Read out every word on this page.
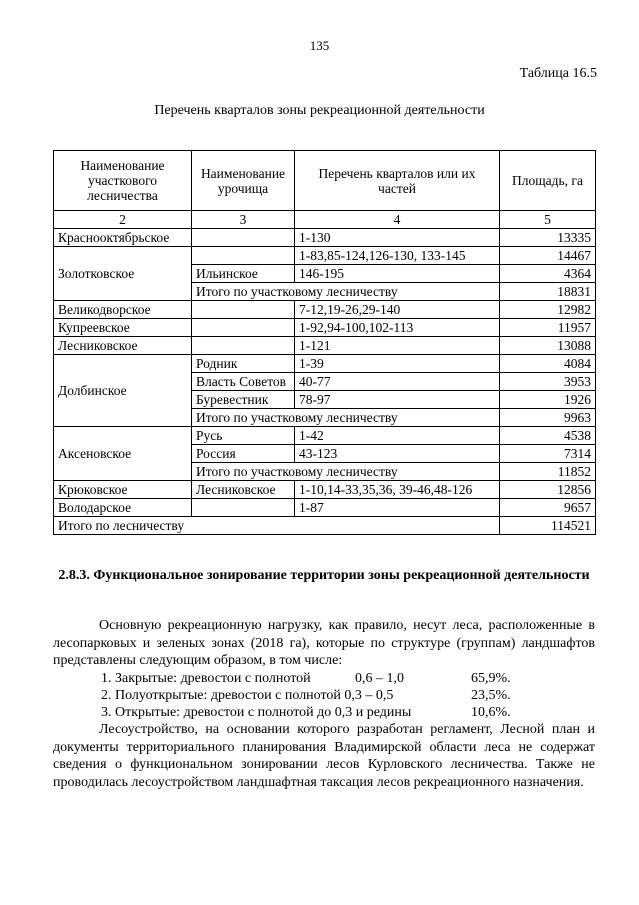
135
Таблица 16.5
Перечень кварталов зоны рекреационной деятельности
Наименование участкового лесничества	Наименование урочища	Перечень кварталов или их частей	Площадь, га
2	3	4	5
Краснооктябрьское		1-130	13335
Золотковское		1-83,85-124,126-130, 133-145	14467
	Ильинское	146-195	4364
	Итого по участковому лесничеству		18831
Великодворское		7-12,19-26,29-140	12982
Купреевское		1-92,94-100,102-113	11957
Лесниковское		1-121	13088
Долбинское	Родник	1-39	4084
	Власть Советов	40-77	3953
	Буревестник	78-97	1926
	Итого по участковому лесничеству		9963
Аксеновское	Русь	1-42	4538
	Россия	43-123	7314
	Итого по участковому лесничеству		11852
Крюковское	Лесниковское	1-10,14-33,35,36, 39-46,48-126	12856
Володарское		1-87	9657
Итого по лесничеству			114521
2.8.3. Функциональное зонирование территории зоны рекреационной деятельности
Основную рекреационную нагрузку, как правило, несут леса, расположенные в лесопарковых и зеленых зонах (2018 га), которые по структуре (группам) ландшафтов представлены следующим образом, в том числе:
1. Закрытые: древостои с полнотой	0,6 – 1,0	65,9%.
2. Полуоткрытые: древостои с полнотой 0,3 – 0,5	23,5%.
3. Открытые: древостои с полнотой до 0,3 и редины	10,6%.
Лесоустройство, на основании которого разработан регламент, Лесной план и документы территориального планирования Владимирской области леса не содержат сведения о функциональном зонировании лесов Курловского лесничества. Также не проводилась лесоустройством ландшафтная таксация лесов рекреационного назначения.
